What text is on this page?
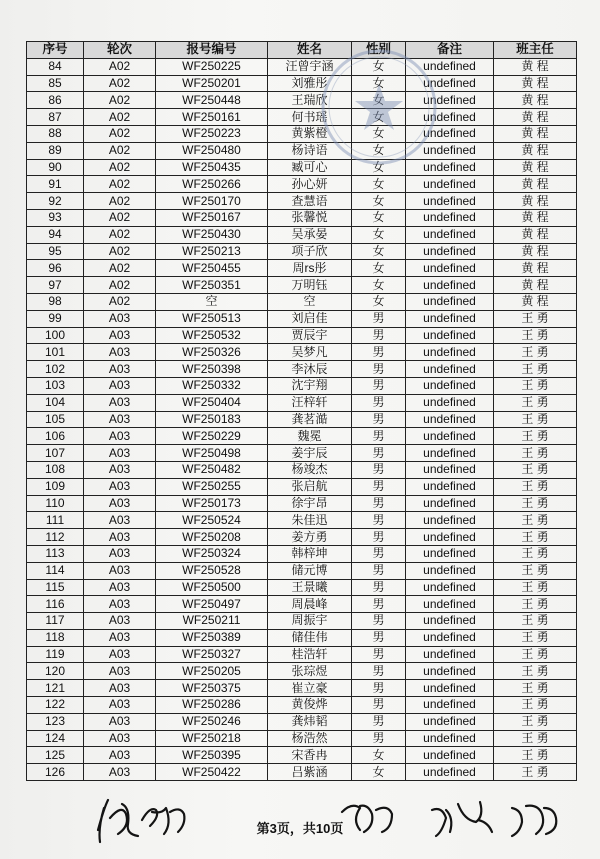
序号	轮次	报号编号	姓名	性别	备注	班主任
84	A02	WF250225	汪曾宇涵	女	undefined	黄 程
85	A02	WF250201	刘雅彤	女	undefined	黄 程
86	A02	WF250448	王瑞欣	女	undefined	黄 程
87	A02	WF250161	何书瑶	女	undefined	黄 程
88	A02	WF250223	黄紫橙	女	undefined	黄 程
89	A02	WF250480	杨诗语	女	undefined	黄 程
90	A02	WF250435	臧可心	女	undefined	黄 程
91	A02	WF250266	孙心妍	女	undefined	黄 程
92	A02	WF250170	查慧语	女	undefined	黄 程
93	A02	WF250167	张馨悦	女	undefined	黄 程
94	A02	WF250430	吴承晏	女	undefined	黄 程
95	A02	WF250213	项子欣	女	undefined	黄 程
96	A02	WF250455	周rs彤	女	undefined	黄 程
97	A02	WF250351	万明钰	女	undefined	黄 程
98	A02	空	空	女	undefined	黄 程
99	A03	WF250513	刘启佳	男	undefined	王 勇
100	A03	WF250532	贾辰宇	男	undefined	王 勇
101	A03	WF250326	吴梦凡	男	undefined	王 勇
102	A03	WF250398	李沐辰	男	undefined	王 勇
103	A03	WF250332	沈宇翔	男	undefined	王 勇
104	A03	WF250404	汪梓轩	男	undefined	王 勇
105	A03	WF250183	龚茗澔	男	undefined	王 勇
106	A03	WF250229	魏冕	男	undefined	王 勇
107	A03	WF250498	姜宇辰	男	undefined	王 勇
108	A03	WF250482	杨竣杰	男	undefined	王 勇
109	A03	WF250255	张启航	男	undefined	王 勇
110	A03	WF250173	徐宇昂	男	undefined	王 勇
111	A03	WF250524	朱佳迅	男	undefined	王 勇
112	A03	WF250208	姜方勇	男	undefined	王 勇
113	A03	WF250324	韩梓坤	男	undefined	王 勇
114	A03	WF250528	储元博	男	undefined	王 勇
115	A03	WF250500	王景曦	男	undefined	王 勇
116	A03	WF250497	周晨峰	男	undefined	王 勇
117	A03	WF250211	周振宇	男	undefined	王 勇
118	A03	WF250389	储佳伟	男	undefined	王 勇
119	A03	WF250327	桂浩轩	男	undefined	王 勇
120	A03	WF250205	张琮煜	男	undefined	王 勇
121	A03	WF250375	崔立豪	男	undefined	王 勇
122	A03	WF250286	黄俊烨	男	undefined	王 勇
123	A03	WF250246	龚炜韬	男	undefined	王 勇
124	A03	WF250218	杨浩然	男	undefined	王 勇
125	A03	WF250395	宋香冉	女	undefined	王 勇
126	A03	WF250422	吕紫涵	女	undefined	王 勇
第3页，共10页
